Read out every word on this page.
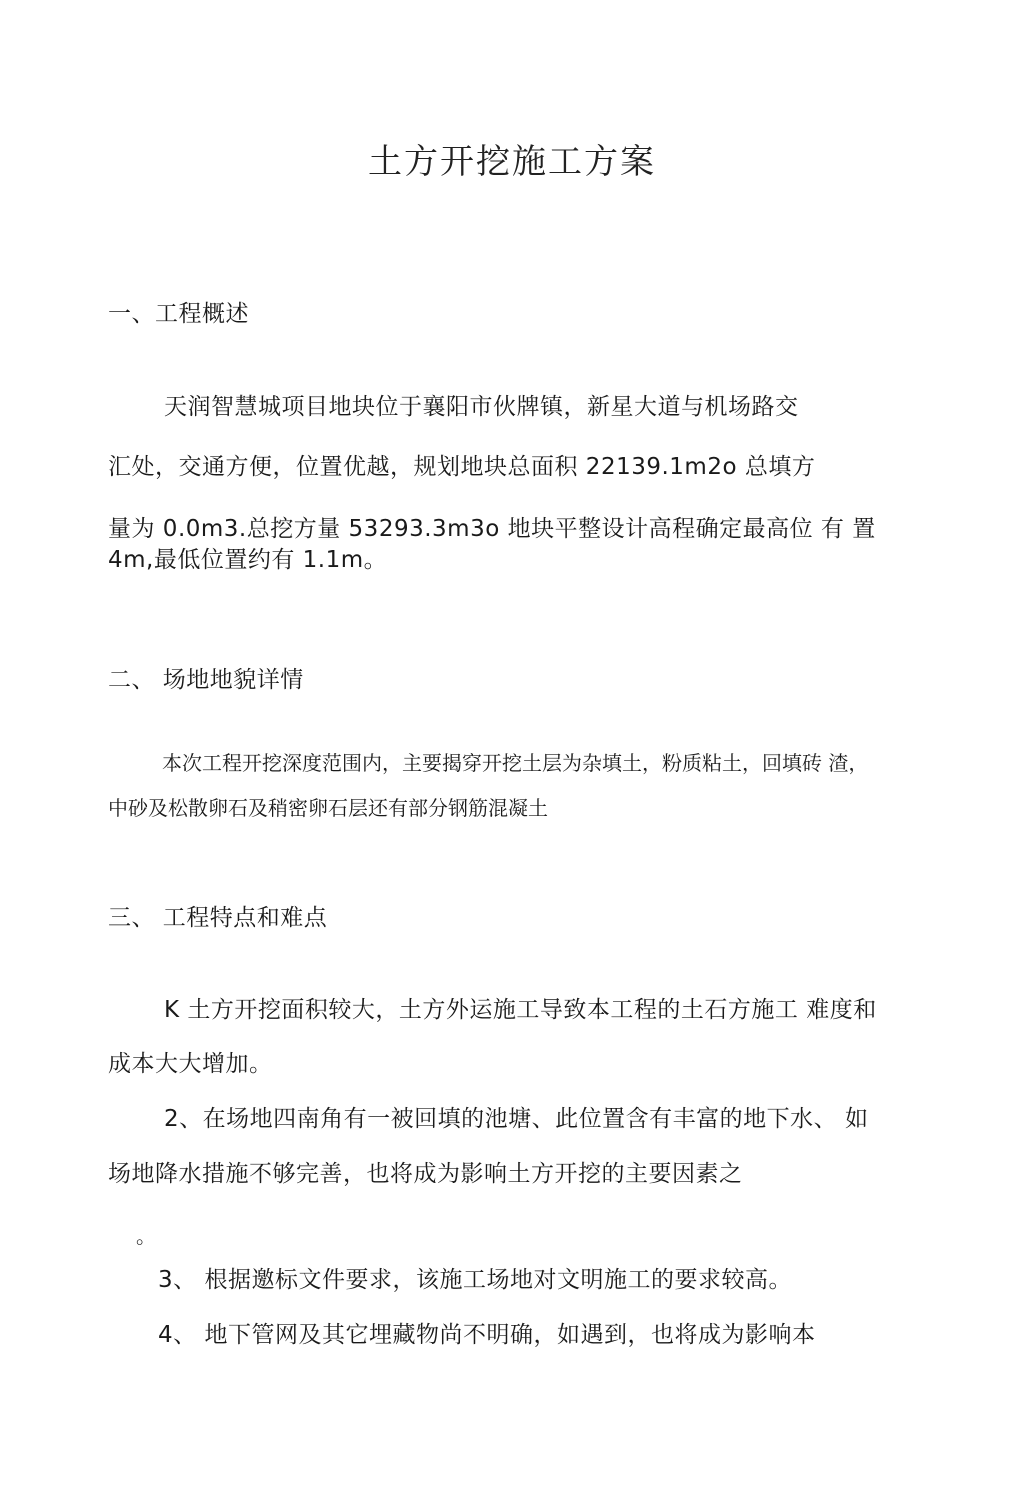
土方开挖施工方案
一、工程概述
天润智慧城项目地块位于襄阳市伙牌镇，新星大道与机场路交
汇处，交通方便，位置优越，规划地块总面积 22139.1m2o 总填方
量为 0.0m3.总挖方量 53293.3m3o 地块平整设计高程确定最高位 有 置
4m,最低位置约有 1.1m。
二、 场地地貌详情
本次工程开挖深度范围内，主要揭穿开挖土层为杂填土，粉质粘土，回填砖 渣，
中砂及松散卵石及稍密卵石层还有部分钢筋混凝土
三、 工程特点和难点
K 土方开挖面积较大，土方外运施工导致本工程的土石方施工 难度和
成本大大增加。
2、在场地四南角有一被回填的池塘、此位置含有丰富的地下水、 如
场地降水措施不够完善，也将成为影响土方开挖的主要因素之
。
3、 根据邀标文件要求，该施工场地对文明施工的要求较高。
4、 地下管网及其它埋藏物尚不明确，如遇到，也将成为影响本
